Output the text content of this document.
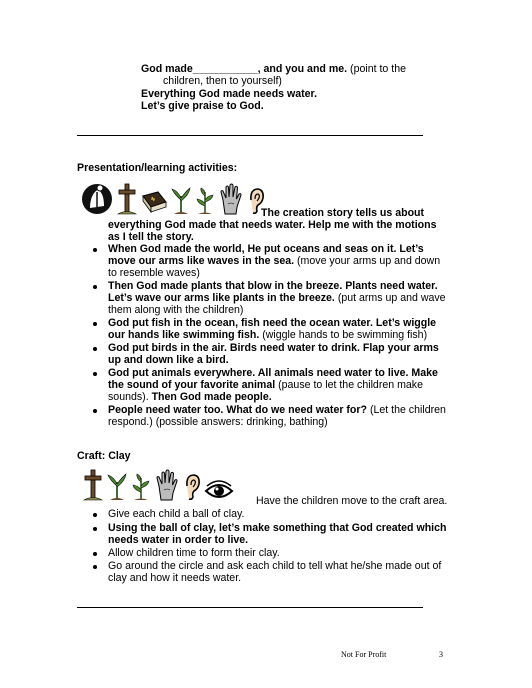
God made___________, and you and me. (point to the
children, then to yourself)
Everything God made needs water.
Let’s give praise to God.
Presentation/learning activities:
The creation story tells us about
everything God made that needs water. Help me with the motions
as I tell the story.
When God made the world, He put oceans and seas on it. Let’s
move our arms like waves in the sea. (move your arms up and down
to resemble waves)
Then God made plants that blow in the breeze. Plants need water.
Let’s wave our arms like plants in the breeze. (put arms up and wave
them along with the children)
God put fish in the ocean, fish need the ocean water. Let’s wiggle
our hands like swimming fish. (wiggle hands to be swimming fish)
God put birds in the air. Birds need water to drink. Flap your arms
up and down like a bird.
God put animals everywhere. All animals need water to live. Make
the sound of your favorite animal (pause to let the children make
sounds). Then God made people.
People need water too. What do we need water for? (Let the children
respond.) (possible answers: drinking, bathing)
Craft: Clay
Have the children move to the craft area.
Give each child a ball of clay.
Using the ball of clay, let’s make something that God created which
needs water in order to live.
Allow children time to form their clay.
Go around the circle and ask each child to tell what he/she made out of
clay and how it needs water.
Not For Profit	3
